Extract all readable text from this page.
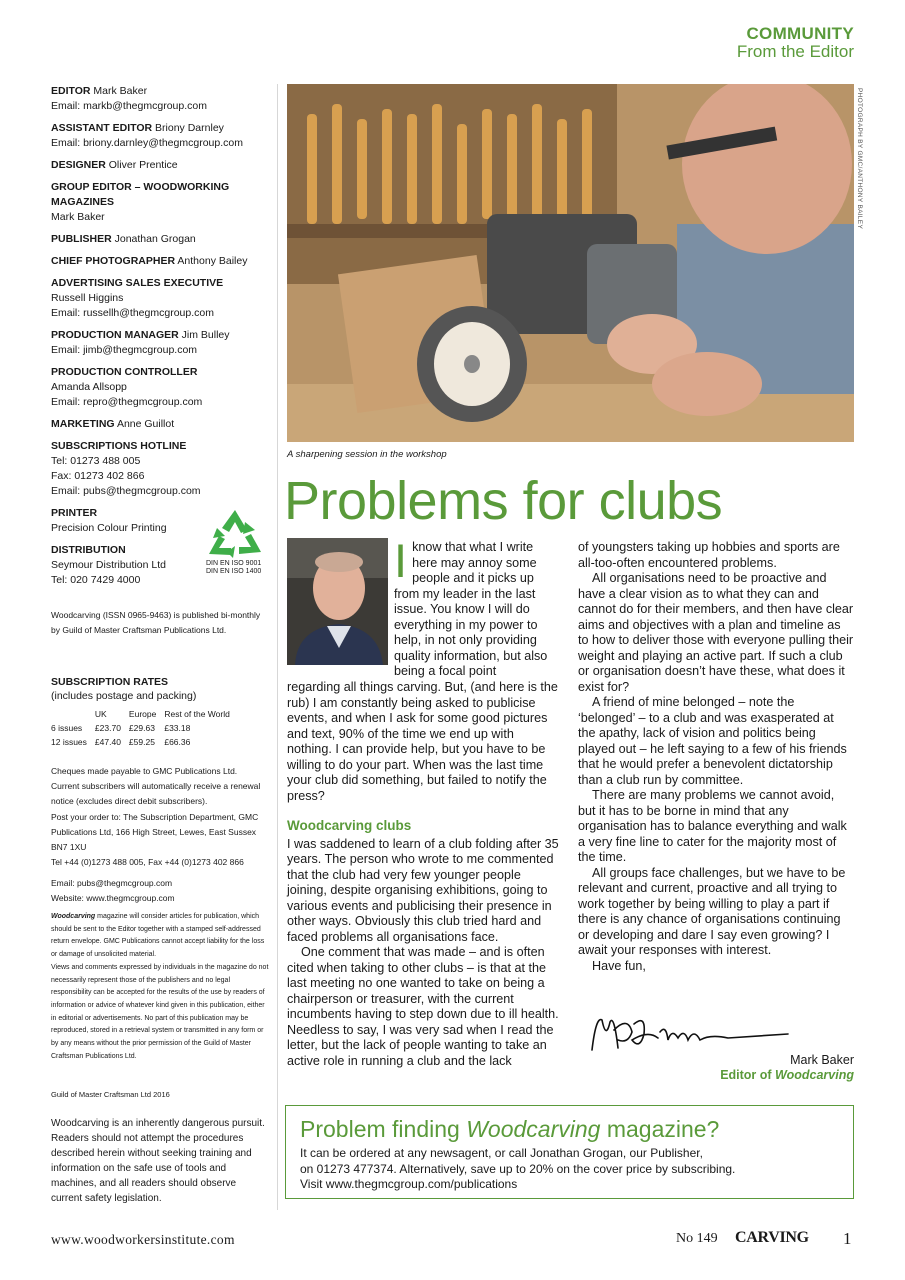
COMMUNITY
From the Editor
EDITOR Mark Baker
Email: markb@thegmcgroup.com
ASSISTANT EDITOR Briony Darnley
Email: briony.darnley@thegmcgroup.com
DESIGNER Oliver Prentice
GROUP EDITOR – WOODWORKING MAGAZINES
Mark Baker
PUBLISHER Jonathan Grogan
CHIEF PHOTOGRAPHER Anthony Bailey
ADVERTISING SALES EXECUTIVE
Russell Higgins
Email: russellh@thegmcgroup.com
PRODUCTION MANAGER Jim Bulley
Email: jimb@thegmcgroup.com
PRODUCTION CONTROLLER
Amanda Allsopp
Email: repro@thegmcgroup.com
MARKETING Anne Guillot
SUBSCRIPTIONS HOTLINE
Tel: 01273 488 005
Fax: 01273 402 866
Email: pubs@thegmcgroup.com
PRINTER
Precision Colour Printing
DISTRIBUTION
Seymour Distribution Ltd
Tel: 020 7429 4000
DIN EN ISO 9001
DIN EN ISO 1400
Woodcarving (ISSN 0965-9463) is published bi-monthly by Guild of Master Craftsman Publications Ltd.
SUBSCRIPTION RATES
(includes postage and packing)
	UK	Europe	Rest of the World
6 issues	£23.70	£29.63	£33.18
12 issues	£47.40	£59.25	£66.36
Cheques made payable to GMC Publications Ltd. Current subscribers will automatically receive a renewal notice (excludes direct debit subscribers).
Post your order to: The Subscription Department, GMC Publications Ltd, 166 High Street, Lewes, East Sussex BN7 1XU
Tel +44 (0)1273 488 005, Fax +44 (0)1273 402 866
Email: pubs@thegmcgroup.com
Website: www.thegmcgroup.com
Woodcarving magazine will consider articles for publication, which should be sent to the Editor together with a stamped self-addressed return envelope. GMC Publications cannot accept liability for the loss or damage of unsolicited material.
Views and comments expressed by individuals in the magazine do not necessarily represent those of the publishers and no legal responsibility can be accepted for the results of the use by readers of information or advice of whatever kind given in this publication, either in editorial or advertisements. No part of this publication may be reproduced, stored in a retrieval system or transmitted in any form or by any means without the prior permission of the Guild of Master Craftsman Publications Ltd.
Guild of Master Craftsman Ltd 2016
Woodcarving is an inherently dangerous pursuit. Readers should not attempt the procedures described herein without seeking training and information on the safe use of tools and machines, and all readers should observe current safety legislation.
PHOTOGRAPH BY GMC/ANTHONY BAILEY
A sharpening session in the workshop
Problems for clubs
Iknow that what I write here may annoy some people and it picks up from my leader in the last issue. You know I will do everything in my power to help, in not only providing quality information, but also being a focal point

regarding all things carving. But, (and here is the rub) I am constantly being asked to publicise events, and when I ask for some good pictures and text, 90% of the time we end up with nothing. I can provide help, but you have to be willing to do your part. When was the last time your club did something, but failed to notify the press?

Woodcarving clubs

I was saddened to learn of a club folding after 35 years. The person who wrote to me commented that the club had very few younger people joining, despite organising exhibitions, going to various events and publicising their presence in other ways. Obviously this club tried hard and faced problems all organisations face.

One comment that was made – and is often cited when taking to other clubs – is that at the last meeting no one wanted to take on being a chairperson or treasurer, with the current incumbents having to step down due to ill health. Needless to say, I was very sad when I read the letter, but the lack of people wanting to take an active role in running a club and the lack

of youngsters taking up hobbies and sports are all-too-often encountered problems.

All organisations need to be proactive and have a clear vision as to what they can and cannot do for their members, and then have clear aims and objectives with a plan and timeline as to how to deliver those with everyone pulling their weight and playing an active part. If such a club or organisation doesn’t have these, what does it exist for?

A friend of mine belonged – note the ‘belonged’ – to a club and was exasperated at the apathy, lack of vision and politics being played out – he left saying to a few of his friends that he would prefer a benevolent dictatorship than a club run by committee.

There are many problems we cannot avoid, but it has to be borne in mind that any organisation has to balance everything and walk a very fine line to cater for the majority most of the time.

All groups face challenges, but we have to be relevant and current, proactive and all trying to work together by being willing to play a part if there is any chance of organisations continuing or developing and dare I say even growing? I await your responses with interest.

Have fun,

Mark Baker
Editor of Woodcarving
Problem finding Woodcarving magazine?
It can be ordered at any newsagent, or call Jonathan Grogan, our Publisher,
on 01273 477374. Alternatively, save up to 20% on the cover price by subscribing.
Visit www.thegmcgroup.com/publications
www.woodworkersinstitute.com	No 149 CARVING 1
